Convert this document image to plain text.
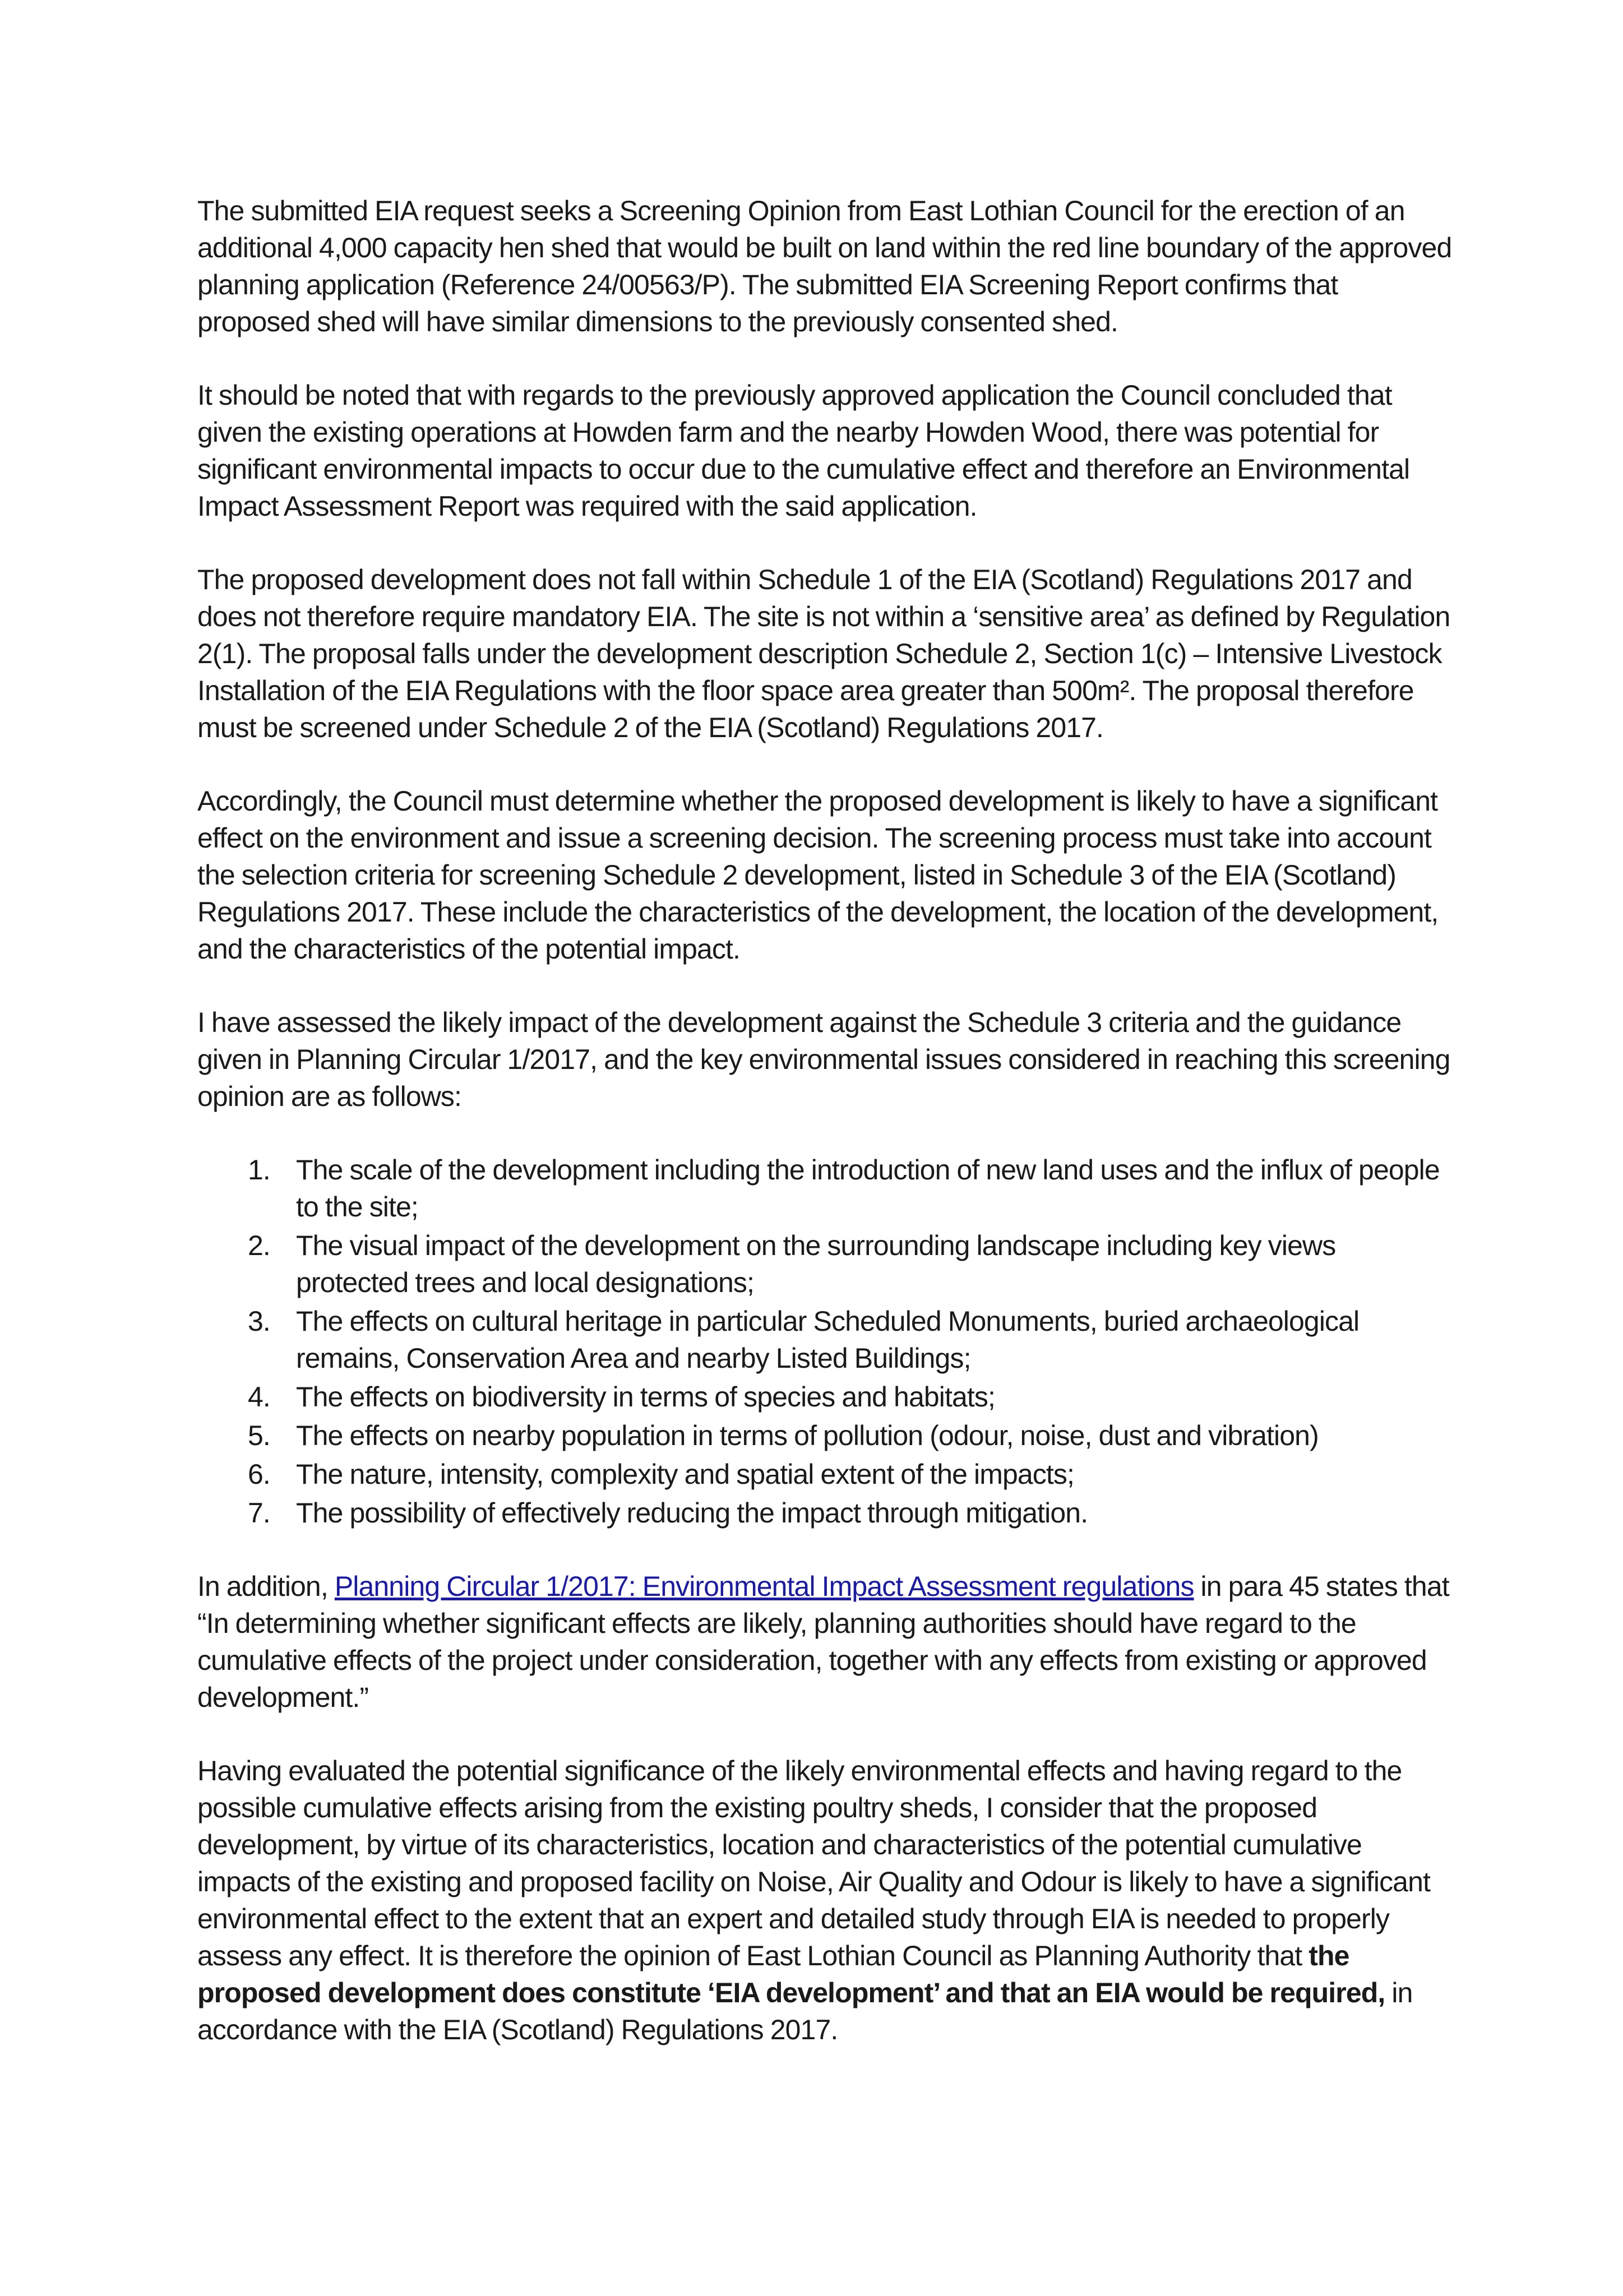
The submitted EIA request seeks a Screening Opinion from East Lothian Council for the erection of an additional 4,000 capacity hen shed that would be built on land within the red line boundary of the approved planning application (Reference 24/00563/P). The submitted EIA Screening Report confirms that proposed shed will have similar dimensions to the previously consented shed.

It should be noted that with regards to the previously approved application the Council concluded that given the existing operations at Howden farm and the nearby Howden Wood, there was potential for significant environmental impacts to occur due to the cumulative effect and therefore an Environmental Impact Assessment Report was required with the said application.

The proposed development does not fall within Schedule 1 of the EIA (Scotland) Regulations 2017 and does not therefore require mandatory EIA. The site is not within a ‘sensitive area’ as defined by Regulation 2(1). The proposal falls under the development description Schedule 2, Section 1(c) – Intensive Livestock Installation of the EIA Regulations with the floor space area greater than 500m². The proposal therefore must be screened under Schedule 2 of the EIA (Scotland) Regulations 2017.

Accordingly, the Council must determine whether the proposed development is likely to have a significant effect on the environment and issue a screening decision. The screening process must take into account the selection criteria for screening Schedule 2 development, listed in Schedule 3 of the EIA (Scotland) Regulations 2017. These include the characteristics of the development, the location of the development, and the characteristics of the potential impact.

I have assessed the likely impact of the development against the Schedule 3 criteria and the guidance given in Planning Circular 1/2017, and the key environmental issues considered in reaching this screening opinion are as follows:

1. The scale of the development including the introduction of new land uses and the influx of people to the site;
2. The visual impact of the development on the surrounding landscape including key views protected trees and local designations;
3. The effects on cultural heritage in particular Scheduled Monuments, buried archaeological remains, Conservation Area and nearby Listed Buildings;
4. The effects on biodiversity in terms of species and habitats;
5. The effects on nearby population in terms of pollution (odour, noise, dust and vibration)
6. The nature, intensity, complexity and spatial extent of the impacts;
7. The possibility of effectively reducing the impact through mitigation.

In addition, Planning Circular 1/2017: Environmental Impact Assessment regulations in para 45 states that “In determining whether significant effects are likely, planning authorities should have regard to the cumulative effects of the project under consideration, together with any effects from existing or approved development.”

Having evaluated the potential significance of the likely environmental effects and having regard to the possible cumulative effects arising from the existing poultry sheds, I consider that the proposed development, by virtue of its characteristics, location and characteristics of the potential cumulative impacts of the existing and proposed facility on Noise, Air Quality and Odour is likely to have a significant environmental effect to the extent that an expert and detailed study through EIA is needed to properly assess any effect. It is therefore the opinion of East Lothian Council as Planning Authority that the proposed development does constitute ‘EIA development’ and that an EIA would be required, in accordance with the EIA (Scotland) Regulations 2017.
